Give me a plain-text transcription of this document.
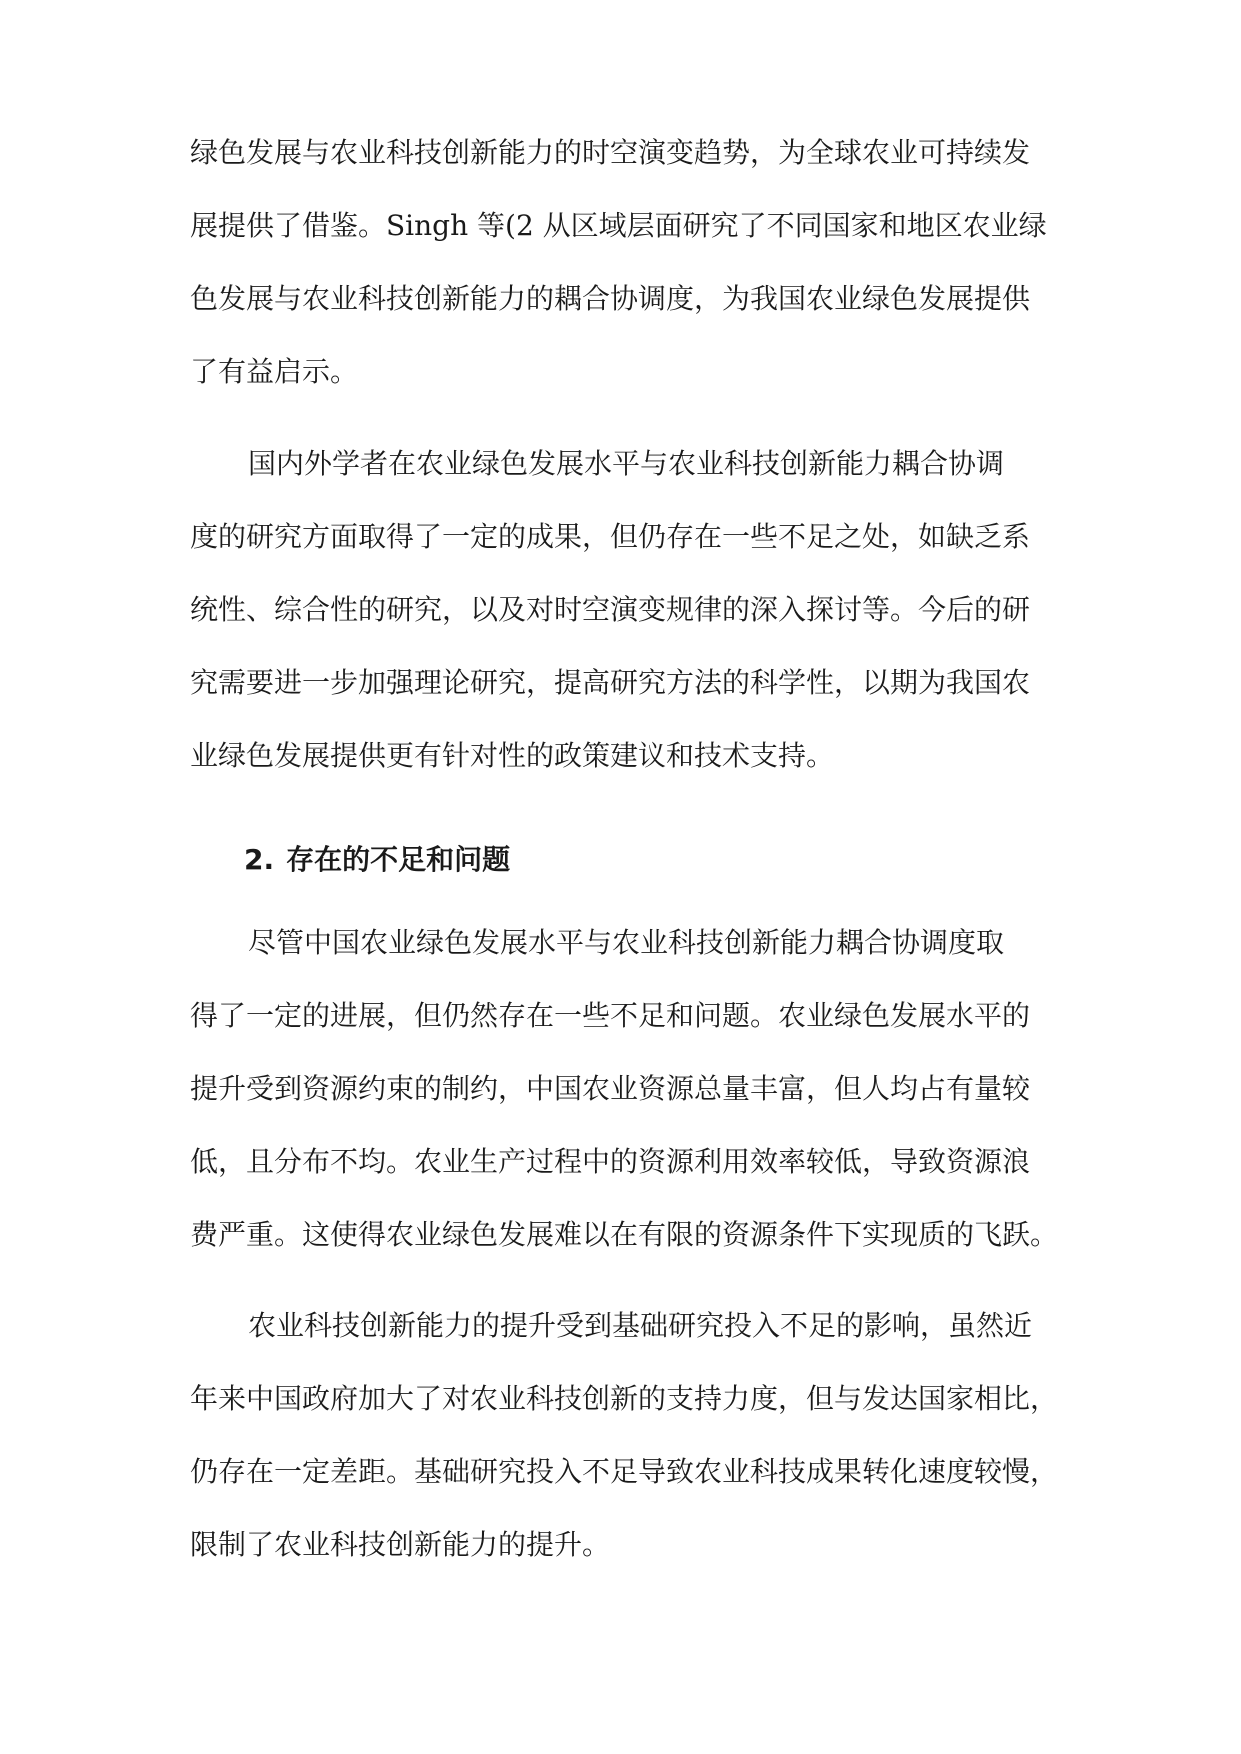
绿色发展与农业科技创新能力的时空演变趋势，为全球农业可持续发
展提供了借鉴。Singh 等(2 从区域层面研究了不同国家和地区农业绿
色发展与农业科技创新能力的耦合协调度，为我国农业绿色发展提供
了有益启示。
国内外学者在农业绿色发展水平与农业科技创新能力耦合协调
度的研究方面取得了一定的成果，但仍存在一些不足之处，如缺乏系
统性、综合性的研究，以及对时空演变规律的深入探讨等。今后的研
究需要进一步加强理论研究，提高研究方法的科学性，以期为我国农
业绿色发展提供更有针对性的政策建议和技术支持。
2. 存在的不足和问题
尽管中国农业绿色发展水平与农业科技创新能力耦合协调度取
得了一定的进展，但仍然存在一些不足和问题。农业绿色发展水平的
提升受到资源约束的制约，中国农业资源总量丰富，但人均占有量较
低，且分布不均。农业生产过程中的资源利用效率较低，导致资源浪
费严重。这使得农业绿色发展难以在有限的资源条件下实现质的飞跃。
农业科技创新能力的提升受到基础研究投入不足的影响，虽然近
年来中国政府加大了对农业科技创新的支持力度，但与发达国家相比，
仍存在一定差距。基础研究投入不足导致农业科技成果转化速度较慢，
限制了农业科技创新能力的提升。
